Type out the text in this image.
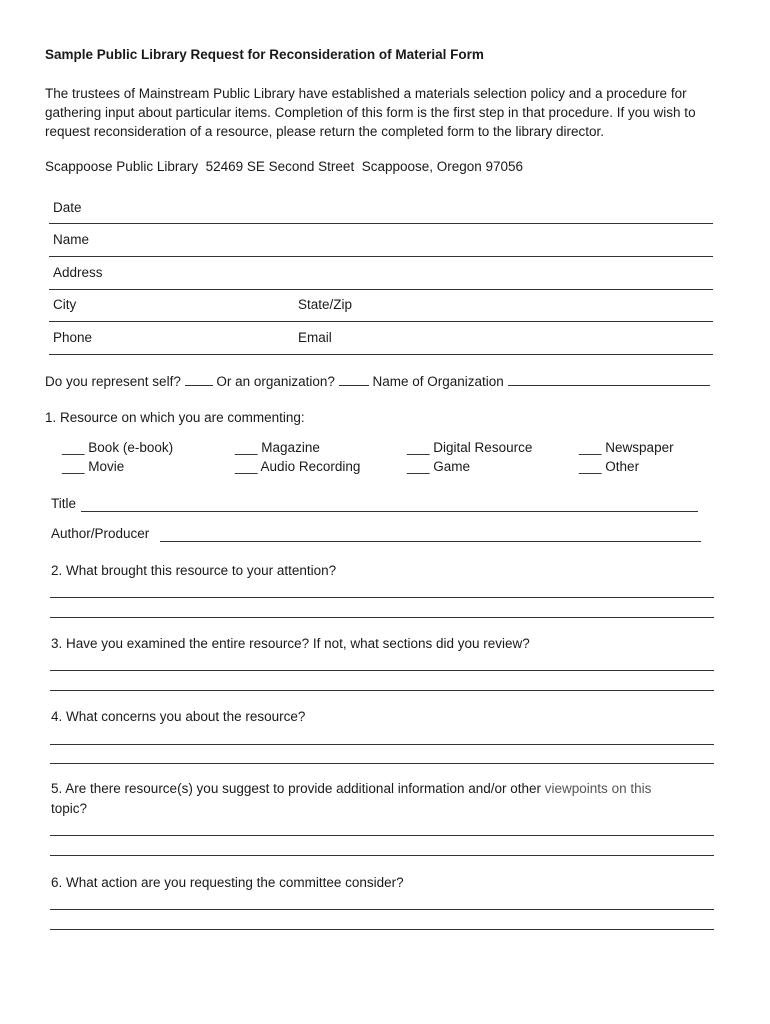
Sample Public Library Request for Reconsideration of Material Form
The trustees of Mainstream Public Library have established a materials selection policy and a procedure for gathering input about particular items. Completion of this form is the first step in that procedure. If you wish to request reconsideration of a resource, please return the completed form to the library director.
Scappoose Public Library  52469 SE Second Street  Scappoose, Oregon 97056
Date
Name
Address
City	State/Zip
Phone	Email
Do you represent self?	Or an organization?	Name of Organization
1. Resource on which you are commenting:
___ Book (e-book)	___ Magazine	___ Digital Resource	___ Newspaper
___ Movie	___ Audio Recording	___ Game	___ Other
Title
Author/Producer
2. What brought this resource to your attention?
3. Have you examined the entire resource? If not, what sections did you review?
4. What concerns you about the resource?
5. Are there resource(s) you suggest to provide additional information and/or other viewpoints on this
topic?
6. What action are you requesting the committee consider?
